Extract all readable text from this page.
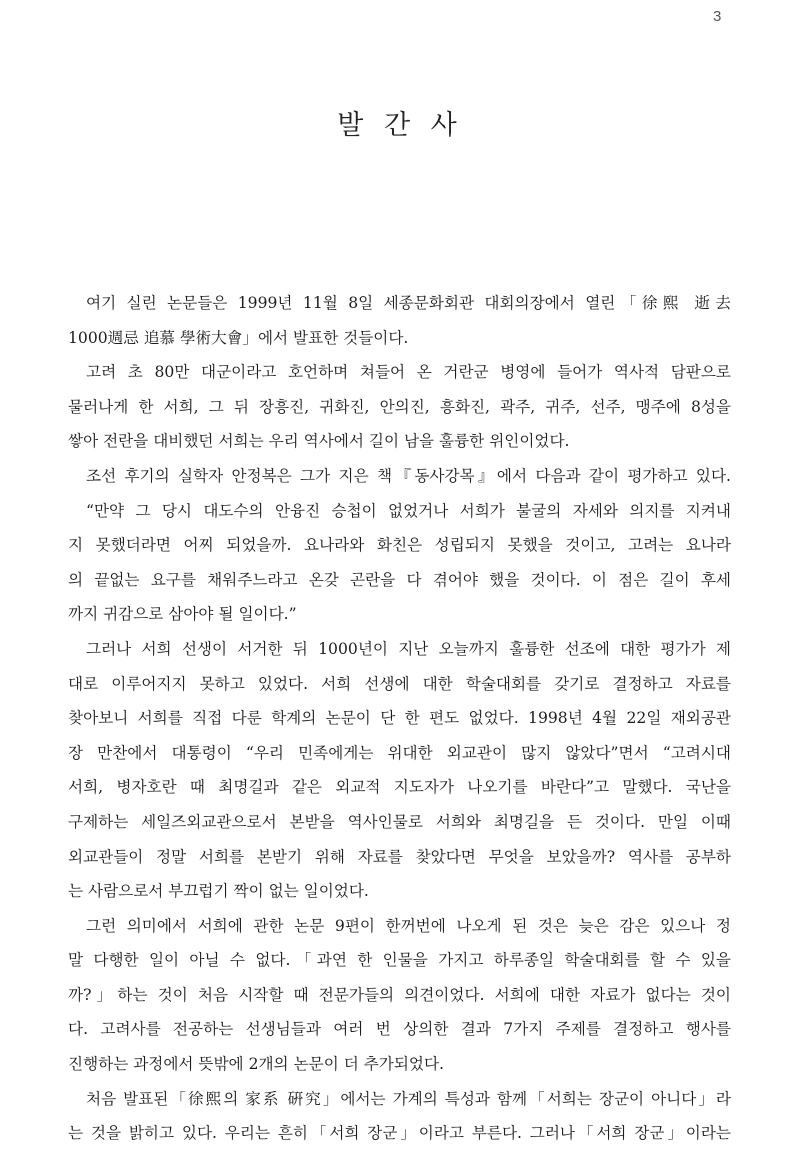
3
발 간 사
여기 실린 논문들은 1999년 11월 8일 세종문화회관 대회의장에서 열린「徐熙 逝去
1000週忌 追慕 學術大會」에서 발표한 것들이다.
고려 초 80만 대군이라고 호언하며 쳐들어 온 거란군 병영에 들어가 역사적 담판으로
물러나게 한 서희, 그 뒤 장흥진, 귀화진, 안의진, 흥화진, 곽주, 귀주, 선주, 맹주에 8성을
쌓아 전란을 대비했던 서희는 우리 역사에서 길이 남을 훌륭한 위인이었다.
조선 후기의 실학자 안정복은 그가 지은 책『동사강목』에서 다음과 같이 평가하고 있다.
“만약 그 당시 대도수의 안융진 승첩이 없었거나 서희가 불굴의 자세와 의지를 지켜내
지 못했더라면 어찌 되었을까. 요나라와 화친은 성립되지 못했을 것이고, 고려는 요나라
의 끝없는 요구를 채워주느라고 온갖 곤란을 다 겪어야 했을 것이다. 이 점은 길이 후세
까지 귀감으로 삼아야 될 일이다.”
그러나 서희 선생이 서거한 뒤 1000년이 지난 오늘까지 훌륭한 선조에 대한 평가가 제
대로 이루어지지 못하고 있었다. 서희 선생에 대한 학술대회를 갖기로 결정하고 자료를
찾아보니 서희를 직접 다룬 학계의 논문이 단 한 편도 없었다. 1998년 4월 22일 재외공관
장 만찬에서 대통령이 “우리 민족에게는 위대한 외교관이 많지 않았다”면서 “고려시대
서희, 병자호란 때 최명길과 같은 외교적 지도자가 나오기를 바란다”고 말했다. 국난을
구제하는 세일즈외교관으로서 본받을 역사인물로 서희와 최명길을 든 것이다. 만일 이때
외교관들이 정말 서희를 본받기 위해 자료를 찾았다면 무엇을 보았을까? 역사를 공부하
는 사람으로서 부끄럽기 짝이 없는 일이었다.
그런 의미에서 서희에 관한 논문 9편이 한꺼번에 나오게 된 것은 늦은 감은 있으나 정
말 다행한 일이 아닐 수 없다.「과연 한 인물을 가지고 하루종일 학술대회를 할 수 있을
까?」하는 것이 처음 시작할 때 전문가들의 의견이었다. 서희에 대한 자료가 없다는 것이
다. 고려사를 전공하는 선생님들과 여러 번 상의한 결과 7가지 주제를 결정하고 행사를
진행하는 과정에서 뜻밖에 2개의 논문이 더 추가되었다.
처음 발표된「徐熙의 家系 硏究」에서는 가계의 특성과 함께「서희는 장군이 아니다」라
는 것을 밝히고 있다. 우리는 흔히「서희 장군」이라고 부른다. 그러나「서희 장군」이라는
